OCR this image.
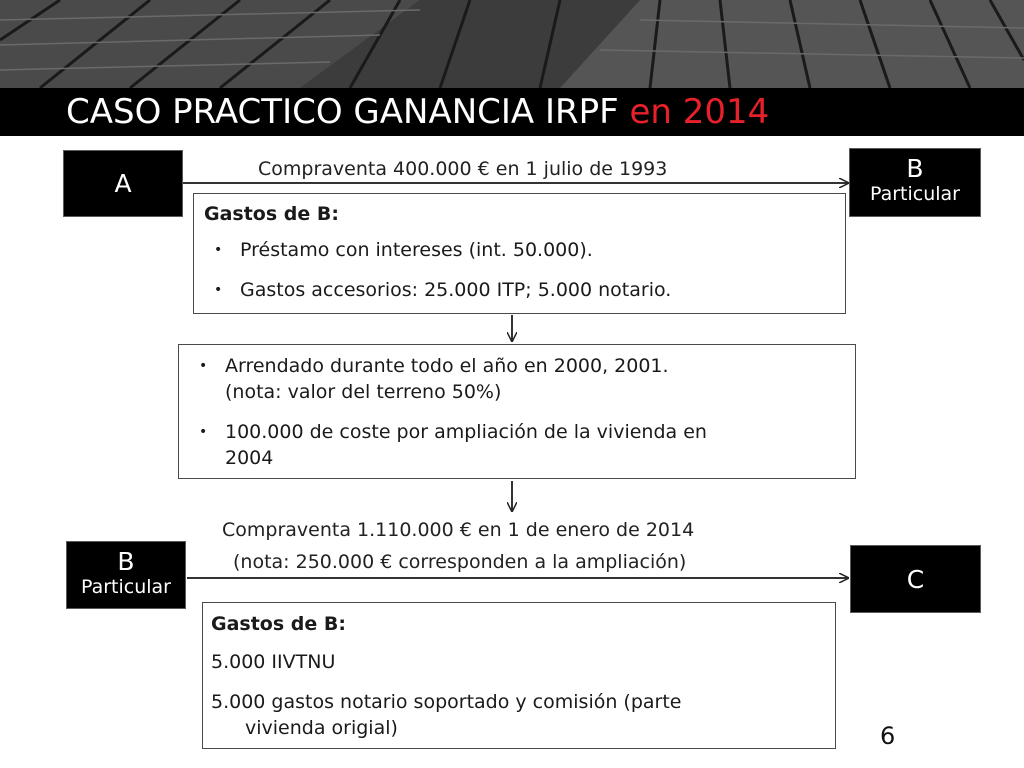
CASO PRACTICO GANANCIA IRPF en 2014
A
B
Particular
Compraventa 400.000 € en 1 julio de 1993
Gastos de B:
• Préstamo con intereses (int. 50.000).
• Gastos accesorios: 25.000 ITP; 5.000 notario.
• Arrendado durante todo el año en 2000, 2001.
(nota: valor del terreno 50%)
• 100.000 de coste por ampliación de la vivienda en
2004
Compraventa 1.110.000 € en 1 de enero de 2014
(nota: 250.000 € corresponden a la ampliación)
B
Particular	C
Gastos de B:
5.000 IIVTNU
5.000 gastos notario soportado y comisión (parte
vivienda origial)	6
